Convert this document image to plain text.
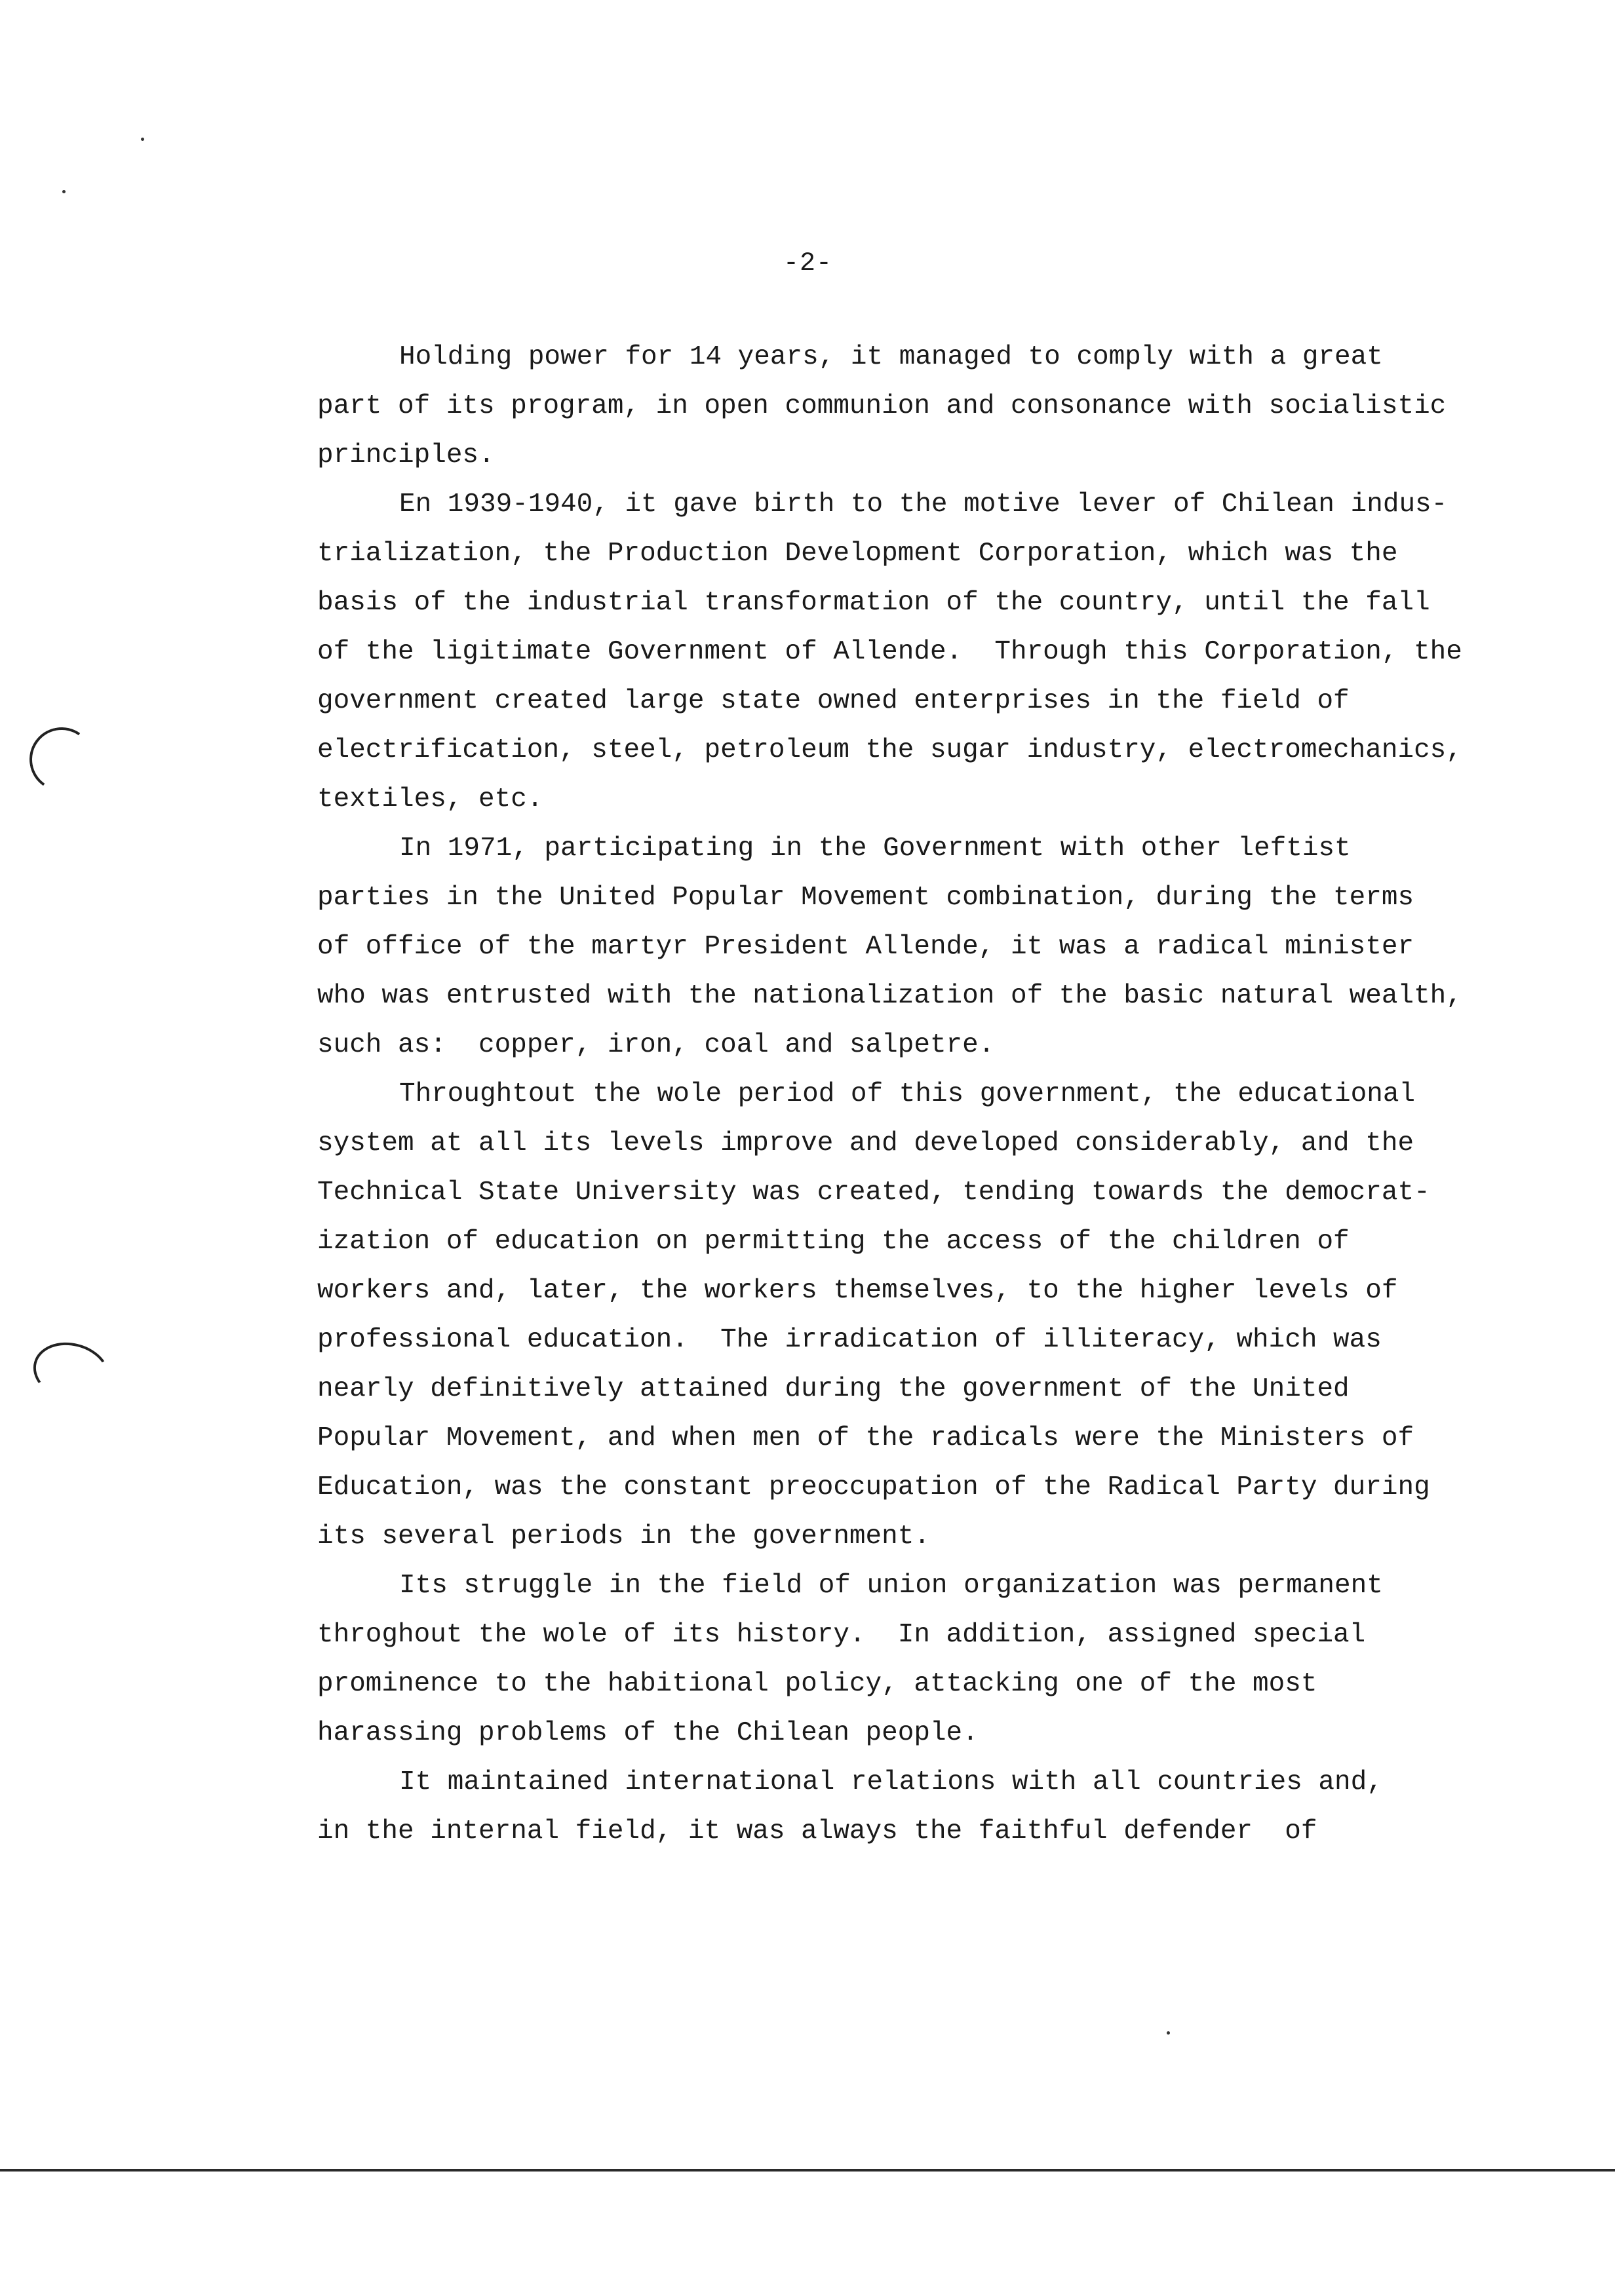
-2-
Holding power for 14 years, it managed to comply with a great
part of its program, in open communion and consonance with socialistic
principles.
En 1939-1940, it gave birth to the motive lever of Chilean indus-
trialization, the Production Development Corporation, which was the
basis of the industrial transformation of the country, until the fall
of the ligitimate Government of Allende.  Through this Corporation, the
government created large state owned enterprises in the field of
electrification, steel, petroleum the sugar industry, electromechanics,
textiles, etc.
In 1971, participating in the Government with other leftist
parties in the United Popular Movement combination, during the terms
of office of the martyr President Allende, it was a radical minister
who was entrusted with the nationalization of the basic natural wealth,
such as:  copper, iron, coal and salpetre.
Throughtout the wole period of this government, the educational
system at all its levels improve and developed considerably, and the
Technical State University was created, tending towards the democrat-
ization of education on permitting the access of the children of
workers and, later, the workers themselves, to the higher levels of
professional education.  The irradication of illiteracy, which was
nearly definitively attained during the government of the United
Popular Movement, and when men of the radicals were the Ministers of
Education, was the constant preoccupation of the Radical Party during
its several periods in the government.
Its struggle in the field of union organization was permanent
throghout the wole of its history.  In addition, assigned special
prominence to the habitional policy, attacking one of the most
harassing problems of the Chilean people.
It maintained international relations with all countries and,
in the internal field, it was always the faithful defender  of
